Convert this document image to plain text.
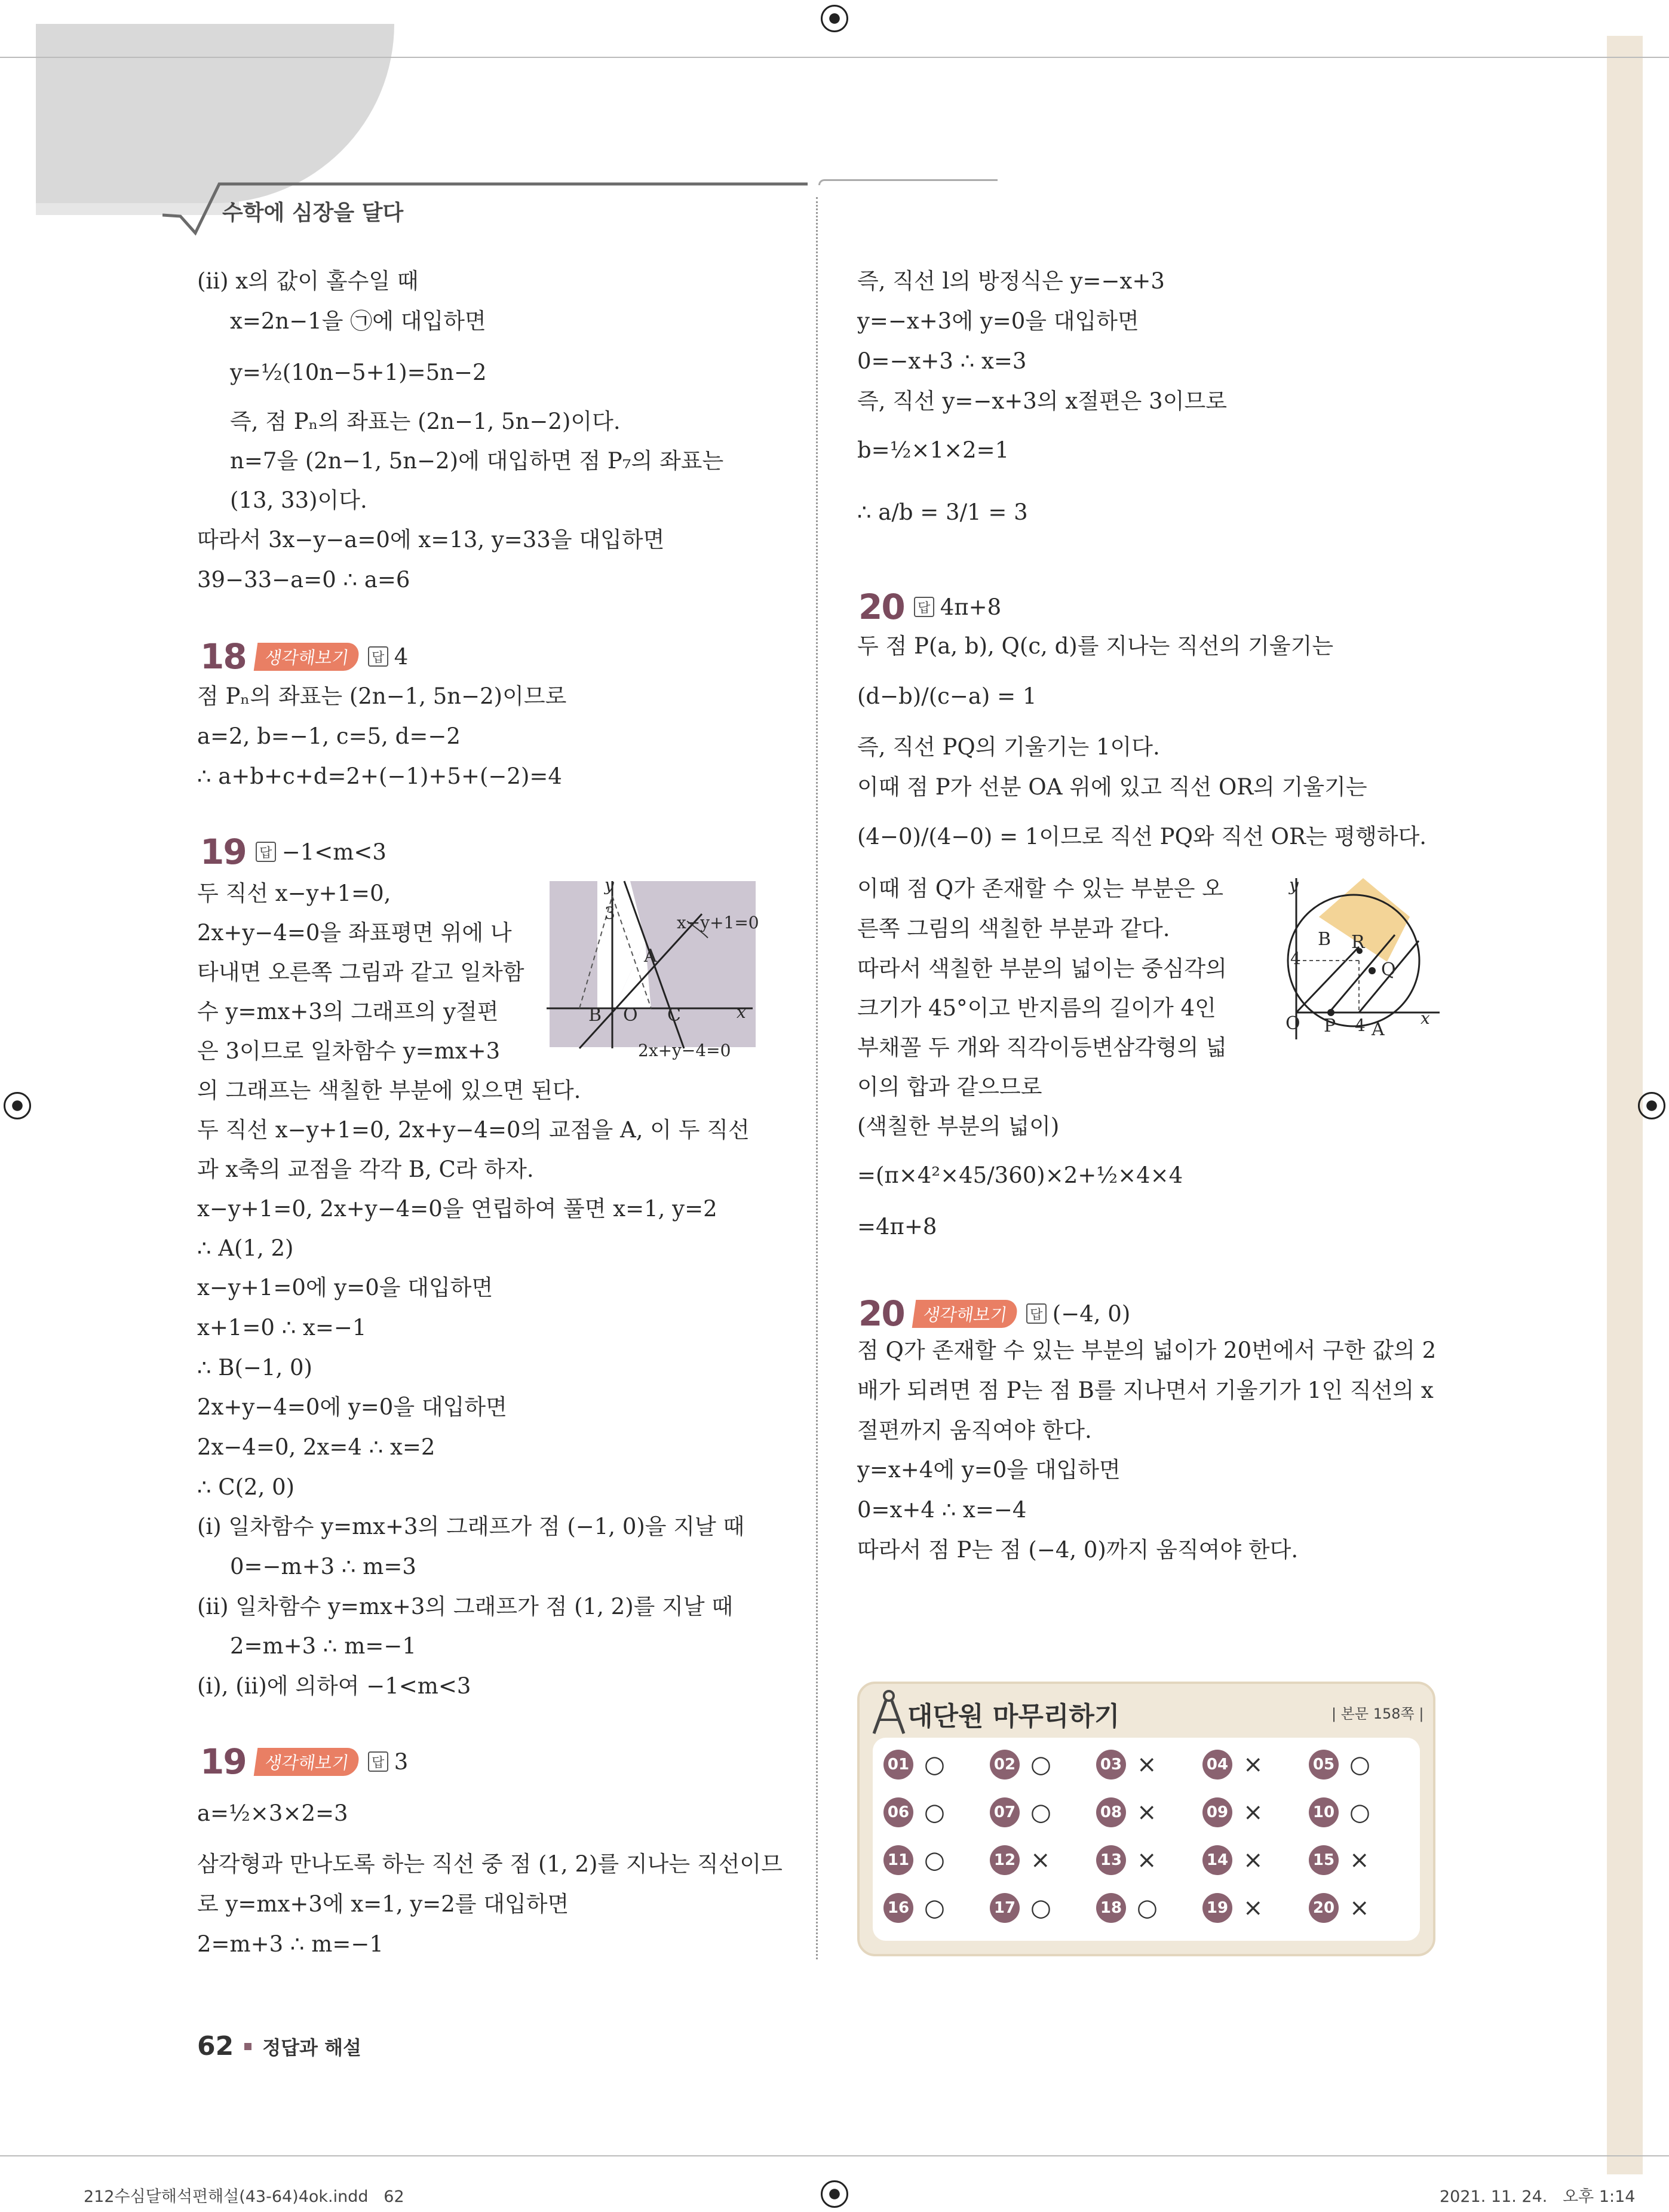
수학에 심장을 달다
(ⅱ) x의 값이 홀수일 때
x=2n−1을 ㉠에 대입하면
y=½(10n−5+1)=5n−2
즉, 점 Pₙ의 좌표는 (2n−1, 5n−2)이다.
n=7을 (2n−1, 5n−2)에 대입하면 점 P₇의 좌표는
(13, 33)이다.
따라서 3x−y−a=0에 x=13, y=33을 대입하면
39−33−a=0 ∴ a=6
18	생각해보기	답 4
점 Pₙ의 좌표는 (2n−1, 5n−2)이므로
a=2, b=−1, c=5, d=−2
∴ a+b+c+d=2+(−1)+5+(−2)=4
19 답 −1<m<3
두 직선 x−y+1=0,
2x+y−4=0을 좌표평면 위에 나
타내면 오른쪽 그림과 같고 일차함
수 y=mx+3의 그래프의 y절편
은 3이므로 일차함수 y=mx+3
의 그래프는 색칠한 부분에 있으면 된다.
y
3	x−y+1=0
A
B O C	x
2x+y−4=0
두 직선 x−y+1=0, 2x+y−4=0의 교점을 A, 이 두 직선
과 x축의 교점을 각각 B, C라 하자.
x−y+1=0, 2x+y−4=0을 연립하여 풀면 x=1, y=2
∴ A(1, 2)
x−y+1=0에 y=0을 대입하면
x+1=0 ∴ x=−1
∴ B(−1, 0)
2x+y−4=0에 y=0을 대입하면
2x−4=0, 2x=4 ∴ x=2
∴ C(2, 0)
(ⅰ) 일차함수 y=mx+3의 그래프가 점 (−1, 0)을 지날 때
0=−m+3 ∴ m=3
(ⅱ) 일차함수 y=mx+3의 그래프가 점 (1, 2)를 지날 때
2=m+3 ∴ m=−1
(ⅰ), (ⅱ)에 의하여 −1<m<3
19	생각해보기	답 3
a=½×3×2=3
삼각형과 만나도록 하는 직선 중 점 (1, 2)를 지나는 직선이므
로 y=mx+3에 x=1, y=2를 대입하면
2=m+3 ∴ m=−1
즉, 직선 l의 방정식은 y=−x+3
y=−x+3에 y=0을 대입하면
0=−x+3 ∴ x=3
즉, 직선 y=−x+3의 x절편은 3이므로
b=½×1×2=1
∴ a/b = 3/1 = 3
20 답 4π+8
두 점 P(a, b), Q(c, d)를 지나는 직선의 기울기는
(d−b)/(c−a) = 1
즉, 직선 PQ의 기울기는 1이다.
이때 점 P가 선분 OA 위에 있고 직선 OR의 기울기는
(4−0)/(4−0) = 1이므로 직선 PQ와 직선 OR는 평행하다.
이때 점 Q가 존재할 수 있는 부분은 오
른쪽 그림의 색칠한 부분과 같다.
따라서 색칠한 부분의 넓이는 중심각의
크기가 45°이고 반지름의 길이가 4인
부채꼴 두 개와 직각이등변삼각형의 넓
이의 합과 같으므로
y
B R
4
Q
O P 4 A
x
(색칠한 부분의 넓이)
=(π×4²×45/360)×2+½×4×4
=4π+8
20	생각해보기	답 (−4, 0)
점 Q가 존재할 수 있는 부분의 넓이가 20번에서 구한 값의 2
배가 되려면 점 P는 점 B를 지나면서 기울기가 1인 직선의 x
절편까지 움직여야 한다.
y=x+4에 y=0을 대입하면
0=x+4 ∴ x=−4
따라서 점 P는 점 (−4, 0)까지 움직여야 한다.
대단원 마무리하기	| 본문 158쪽 |
01 ○	02 ○	03 ×	04 ×	05 ○
06 ○	07 ○	08 ×	09 ×	10 ○
11 ○	12 ×	13 ×	14 ×	15 ×
16 ○	17 ○	18 ○	19 ×	20 ×
62 정답과 해설
212수심달해석편해설(43-64)4ok.indd   62	2021. 11. 24.   오후 1:14
